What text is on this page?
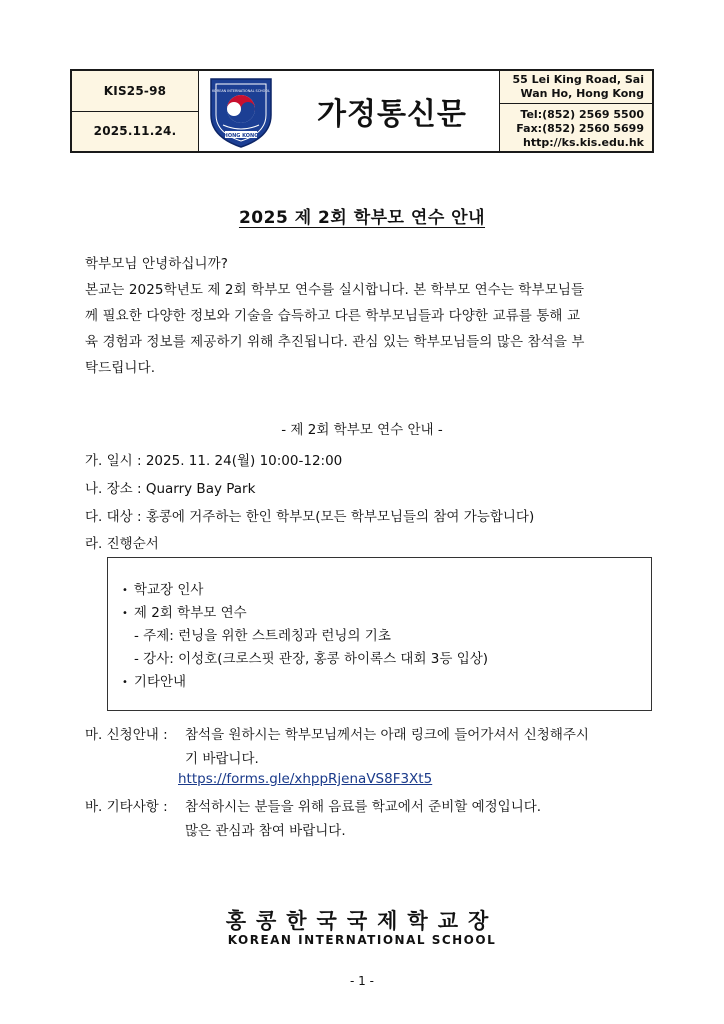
KIS25-98
2025.11.24.	HONG KONG
KOREAN INTERNATIONAL SCHOOL
가정통신문
55 Lei King Road, Sai
Wan Ho, Hong Kong
Tel:(852) 2569 5500
Fax:(852) 2560 5699
http://ks.kis.edu.hk
2025 제 2회 학부모 연수 안내
학부모님 안녕하십니까?
본교는 2025학년도 제 2회 학부모 연수를 실시합니다. 본 학부모 연수는 학부모님들
께 필요한 다양한 정보와 기술을 습득하고 다른 학부모님들과 다양한 교류를 통해 교
육 경험과 정보를 제공하기 위해 추진됩니다. 관심 있는 학부모님들의 많은 참석을 부
탁드립니다.
- 제 2회 학부모 연수 안내 -
가. 일시 : 2025. 11. 24(월) 10:00-12:00
나. 장소 : Quarry Bay Park
다. 대상 : 홍콩에 거주하는 한인 학부모(모든 학부모님들의 참여 가능합니다)
라. 진행순서
• 학교장 인사
• 제 2회 학부모 연수
- 주제: 런닝을 위한 스트레칭과 런닝의 기초
- 강사: 이성호(크로스핏 관장, 홍콩 하이록스 대회 3등 입상)
• 기타안내
마. 신청안내 : 참석을 원하시는 학부모님께서는 아래 링크에 들어가셔서 신청해주시
기 바랍니다.
https://forms.gle/xhppRjenaVS8F3Xt5
바. 기타사항 : 참석하시는 분들을 위해 음료를 학교에서 준비할 예정입니다.
많은 관심과 참여 바랍니다.
홍콩한국국제학교장
KOREAN INTERNATIONAL SCHOOL
- 1 -
